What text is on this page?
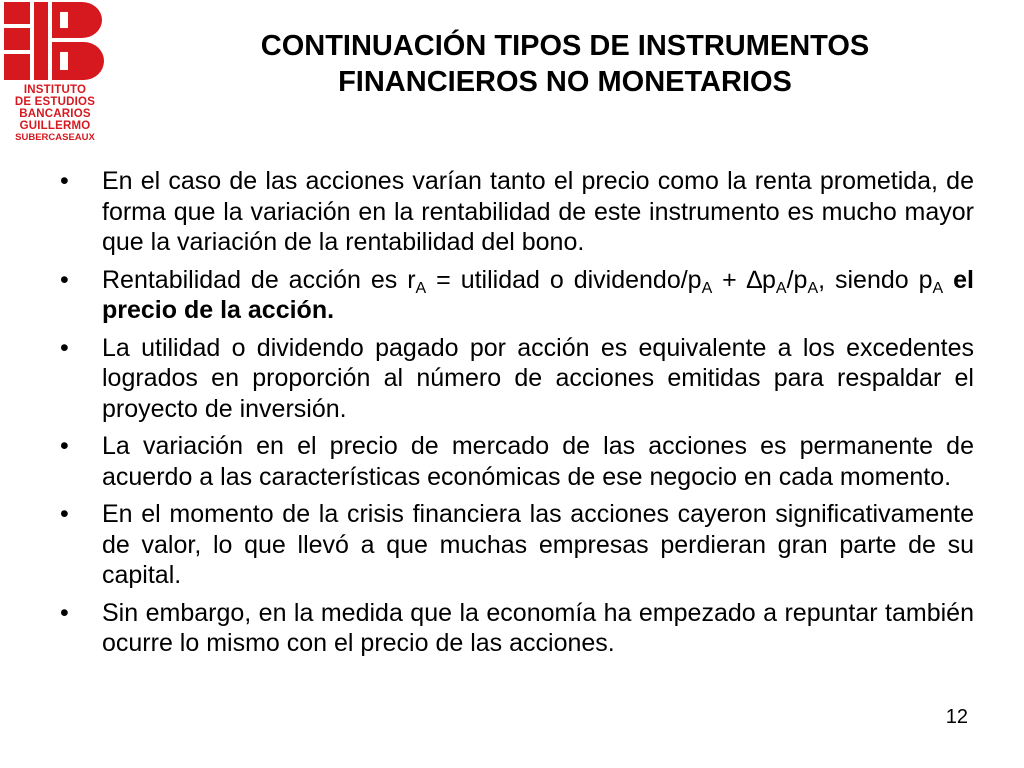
INSTITUTO
DE ESTUDIOS
BANCARIOS
GUILLERMO
SUBERCASEAUX
CONTINUACIÓN TIPOS DE INSTRUMENTOS
FINANCIEROS NO MONETARIOS
• En el caso de las acciones varían tanto el precio como la renta prometida, de forma que la variación en la rentabilidad de este instrumento es mucho mayor que la variación de la rentabilidad del bono.
• Rentabilidad de acción es $r_A$ = utilidad o dividendo/$p_A + \Delta p_A/p_A$, siendo $p_A$ el precio de la acción.
• La utilidad o dividendo pagado por acción es equivalente a los excedentes logrados en proporción al número de acciones emitidas para respaldar el proyecto de inversión.
• La variación en el precio de mercado de las acciones es permanente de acuerdo a las características económicas de ese negocio en cada momento.
• En el momento de la crisis financiera las acciones cayeron significativamente de valor, lo que llevó a que muchas empresas perdieran gran parte de su capital.
• Sin embargo, en la medida que la economía ha empezado a repuntar también ocurre lo mismo con el precio de las acciones.
12
